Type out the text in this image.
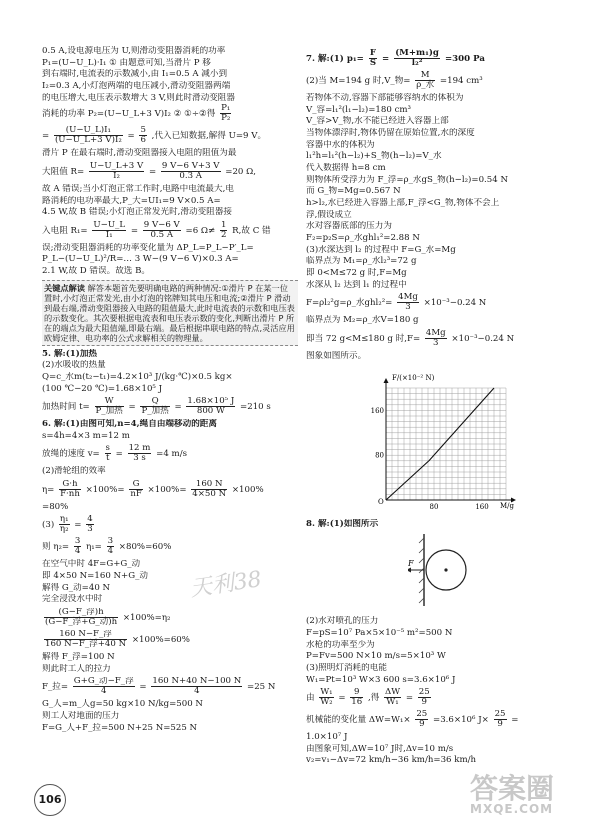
0.5 A,设电源电压为 U,则滑动变阻器消耗的功率
P₁=(U−U_L)·I₁ ① 由题意可知,当滑片 P 移
到右端时,电流表的示数减小,由 I₁=0.5 A 减小到
I₂=0.3 A,小灯泡两端的电压减小,滑动变阻器两端
的电压增大,电压表示数增大 3 V,则此时滑动变阻器
消耗的功率 P₂=(U−U_L+3 V)I₂ ② ①÷②得 $\frac{\text{P₁}}{\text{P₂}}$
= $\frac{\text{(U−U\_L)I₁}}{\text{(U−U\_L+3 V)I₂}} = \frac{5}{6}$ ,代入已知数据,解得 U=9 V。
滑片 P 在最右端时,滑动变阻器接入电阻的阻值为最
大阻值 $R= \frac{U-U\_L+3 V}{\text{I₂}} = \frac{9 V-6 V+3 V}{0.3 A} =20$ Ω,
故 A 错误;当小灯泡正常工作时,电路中电流最大,电
路消耗的电功率最大,P_大=UI₁=9 V×0.5 A=
4.5 W,故 B 错误;小灯泡正常发光时,滑动变阻器接
入电阻 $R_1= \frac{U-U\_L}{\text{I₁}} = \frac{9 V-6 V}{0.5 A} =6$ $\Omega\ne \frac{1}{2} R$,故 C 错
误;滑动变阻器消耗的功率变化量为 ΔP_L=P_L−P′_L=
P_L−(U−U_L)²/R=… 3 W−(9 V−6 V)×0.3 A=
2.1 W,故 D 错误。故选 B。
关键点解读 解答本题首先要明确电路的两种情况:①滑片 P 在某一位置时,小灯泡正常发光,由小灯泡的铭牌知其电压和电流;②滑片 P 滑动到最右端,滑动变阻器接入电路的阻值最大,此时电流表的示数和电压表的示数变化。其次要根据电流表和电压表示数的变化,判断出滑片 P 所在的端点为最大阻值端,即最右端。最后根据串联电路的特点,灵活应用欧姆定律、电功率的公式求解相关的物理量。
5. 解:(1)加热
(2)水吸收的热量
Q=c_水m(t₂−t₁)=4.2×10³ J/(kg·℃)×0.5 kg×
(100 ℃−20 ℃)=1.68×10⁵ J
加热时间 $t= \frac{W}{\text{P\_加热}} = \frac{Q}{\text{P\_加热}} = \frac{\text{1.68×10⁵ J}}{800 W} =210$ s
6. 解:(1)由图可知,n=4,绳自由端移动的距离
s=4h=4×3 m=12 m
放绳的速度 $v= \frac{s}{t} = \frac{12 m}{3 s} =4$ m/s
(2)滑轮组的效率
$\eta= \frac{G\cdot h}{F\cdot nh} \times 100\%= \frac{G}{nF} \times 100\%= \frac{160 N}{4\times 50 N} \times 100\%$
=80%
$(3) \frac{\text{η₁}}{\text{η₂}} = \frac{4}{3}$
则 $\eta_2= \frac{3}{4} \eta_1= \frac{3}{4} \times 80\%=60\%$
在空气中时 4F=G+G_动
即 4×50 N=160 N+G_动
解得 G_动=40 N
完全浸没水中时
$\frac{\text{(G−F\_浮)h}}{\text{(G−F\_浮+G\_动)h}} \times 100\%=\eta_2$
$\frac{\text{160 N−F\_浮}}{\text{160 N−F\_浮+40 N}} \times 100\%=60\%$
解得 F_浮=100 N
则此时工人的拉力
F_拉= $\frac{\text{G+G\_动−F\_浮}}{4} = \frac{160 N+40 N-100 N}{4} =25$ N
G_人=m_人g=50 kg×10 N/kg=500 N
则工人对地面的压力
F=G_人+F_拉=500 N+25 N=525 N
7. 解:(1) $p_1= \frac{F}{S} = \frac{\text{(M+m₁)g}}{\text{l₂²}} =300$ Pa
(2)当 M=194 g 时,V_物= $\frac{M}{\text{ρ\_水}} =194$ cm³
若物体不动,容器下部能够容纳水的体积为
V_容=l₁²(l₁−l₂)=180 cm³
V_容>V_物,水不能已经进入容器上部
当物体漂浮时,物体仍留在原始位置,水的深度
容器中水的体积为
l₁²h=l₁²(h−l₂)+S_物(h−l₂)=V_水
代入数据得 h=8 cm
则物体所受浮力为 F_浮=ρ_水gS_物(h−l₂)=0.54 N
而 G_物=Mg=0.567 N
h>l₂,水已经进入容器上部,F_浮<G_物,物体不会上
浮,假设成立
水对容器底部的压力为
F₂=p₂S=ρ_水ghl₁²=2.88 N
(3)水深达到 l₂ 的过程中 F=G_水=Mg
临界点为 M₁=ρ_水l₂³=72 g
即 0<M≤72 g 时,F=Mg
水深从 l₂ 达到 l₁ 的过程中
F=ρl₂²g=ρ_水$ghl_2^2= \frac{4Mg}{3} \times 10^{-3}-0.24$ N
临界点为 M₂=ρ_水V=180 g
即当 72 g<M≤180 g 时$,F= \frac{4Mg}{3} \times 10^{-3}-0.24$ N
图象如图所示。
8. 解:(1)如图所示
(2)水对喷孔的压力
F=pS=10⁷ Pa×5×10⁻⁵ m²=500 N
水枪的功率至少为
P=Fv=500 N×10 m/s=5×10³ W
(3)照明灯消耗的电能
W₁=Pt=10³ W×3 600 s=3.6×10⁶ J
由 $\frac{\text{W₁}}{\text{W₂}} = \frac{9}{16}$ ,得 $\frac{\Delta W}{\text{W₁}} = \frac{25}{9}$
机械能的变化量 $\Delta W=W_1\times \frac{25}{9} =3.6\times 10^6$ $J\times \frac{25}{9}$ =
1.0×10⁷ J
由图象可知,ΔW=10⁷ J时,Δv=10 m/s
v₂=v₁−Δv=72 km/h−36 km/h=36 km/h
F/(×10⁻² N)
M/g
O
80	160
80
160
F
天利38
答案圈
MXQE.COM
106
